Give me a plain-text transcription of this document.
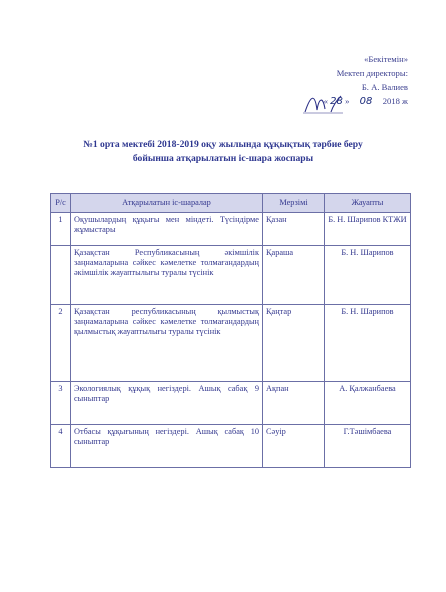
«Бекітемін»
Мектеп директоры:
Б. А. Валиев
« 28 » 08 2018 ж
№1 орта мектебі 2018-2019 оқу жылында құқықтық тәрбие беру
бойынша атқарылатын іс-шара жоспары
Р/с	Атқарылатын іс-шаралар	Мерзімі	Жауапты
1	Оқушылардың құқығы мен міндеті. Түсіндірме жұмыстары	Қазан	Б. Н. Шарипов КТЖИ
	Қазақстан Республикасының әкімшілік заңнамаларына сәйкес кәмелетке толмағандардың әкімшілік жауаптылығы туралы түсінік	Қараша	Б. Н. Шарипов
2	Қазақстан республикасының қылмыстық заңнамаларына сәйкес кәмелетке толмағандардың қылмыстық жауаптылығы туралы түсінік	Қаңтар	Б. Н. Шарипов
3	Экологиялық құқық негіздері. Ашық сабақ 9 сыныптар	Ақпан	А. Қалжанбаева
4	Отбасы құқығының негіздері. Ашық сабақ 10 сыныптар	Сәуір	Г.Тәшімбаева
